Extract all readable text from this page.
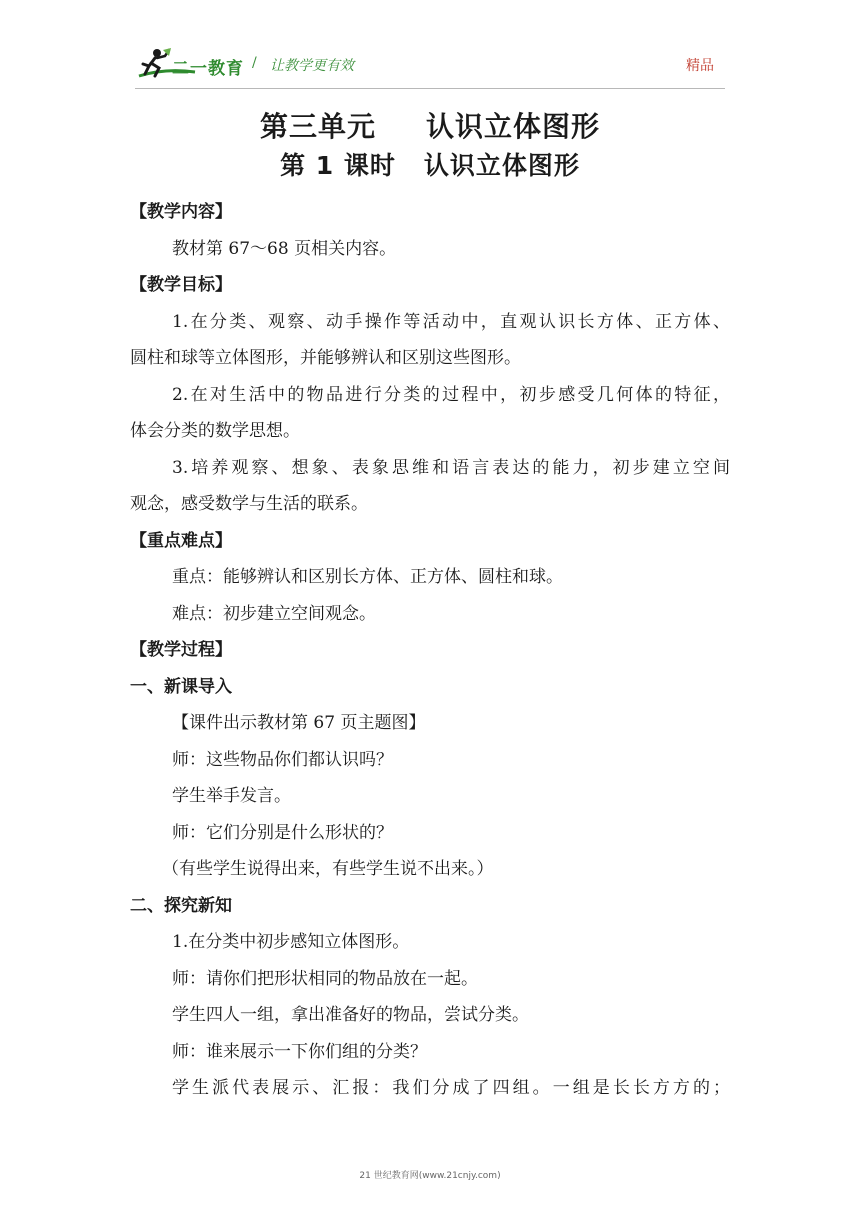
二一教育 / 让教学更有效	精品
第三单元 认识立体图形
第 1 课时 认识立体图形
【教学内容】
教材第 67～68 页相关内容。
【教学目标】
1.在分类、观察、动手操作等活动中，直观认识长方体、正方体、
圆柱和球等立体图形，并能够辨认和区别这些图形。
2.在对生活中的物品进行分类的过程中，初步感受几何体的特征，
体会分类的数学思想。
3.培养观察、想象、表象思维和语言表达的能力，初步建立空间
观念，感受数学与生活的联系。
【重点难点】
重点：能够辨认和区别长方体、正方体、圆柱和球。
难点：初步建立空间观念。
【教学过程】
一、新课导入
【课件出示教材第 67 页主题图】
师：这些物品你们都认识吗？
学生举手发言。
师：它们分别是什么形状的？
（有些学生说得出来，有些学生说不出来。）
二、探究新知
1.在分类中初步感知立体图形。
师：请你们把形状相同的物品放在一起。
学生四人一组，拿出准备好的物品，尝试分类。
师：谁来展示一下你们组的分类？
学生派代表展示、汇报：我们分成了四组。一组是长长方方的；
21 世纪教育网(www.21cnjy.com)
